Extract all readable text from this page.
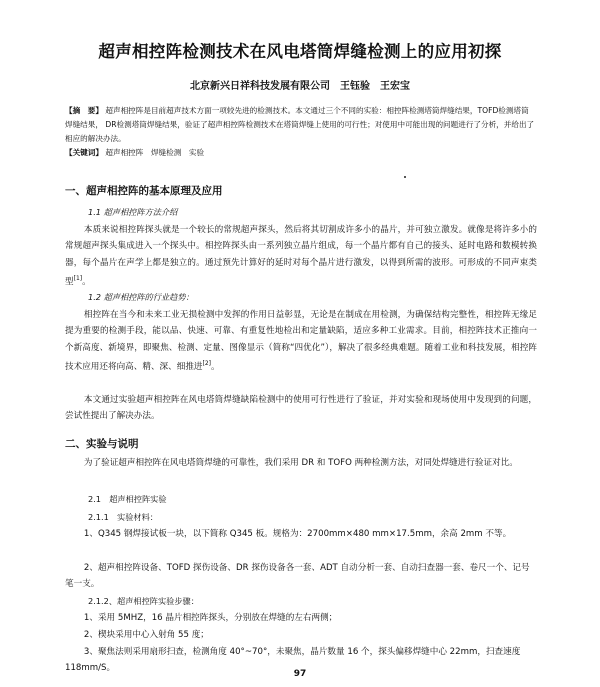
超声相控阵检测技术在风电塔筒焊缝检测上的应用初探
北京新兴日祥科技发展有限公司　王钰验　王宏宝
【摘　要】 超声相控阵是目前超声技术方面一项较先进的检测技术。本文通过三个不同的实验：相控阵检测塔筒焊缝结果，TOFD检测塔筒焊缝结果， DR检测塔筒焊缝结果，验证了超声相控阵检测技术在塔筒焊缝上使用的可行性；对使用中可能出现的问题进行了分析，并给出了相应的解决办法。
【关键词】 超声相控阵　焊缝检测　实验
一、超声相控阵的基本原理及应用
1.1 超声相控阵方法介绍
本质来说相控阵探头就是一个较长的常规超声探头，然后将其切割成许多小的晶片，并可独立激发。就像是将许多小的常规超声探头集成进入一个探头中。相控阵探头由一系列独立晶片组成，每一个晶片都有自己的接头、延时电路和数模转换器，每个晶片在声学上都是独立的。通过预先计算好的延时对每个晶片进行激发，以得到所需的波形。可形成的不同声束类型[1]。
1.2 超声相控阵的行业趋势：
相控阵在当今和未来工业无损检测中发挥的作用日益彰显，无论是在制成在用检测，为确保结构完整性，相控阵无缘足提为重要的检测手段，能以品、快速、可靠、有重复性地检出和定量缺陷，适应多种工业需求。目前，相控阵技术正推向一个新高度、新境界，即聚焦、检测、定量、图像显示（简称“四优化”），解决了很多经典难题。随着工业和科技发展，相控阵技术应用还将向高、精、深、细推进[2]。
本文通过实验超声相控阵在风电塔筒焊缝缺陷检测中的使用可行性进行了验证，并对实验和现场使用中发现到的问题，尝试性提出了解决办法。
二、实验与说明
为了验证超声相控阵在风电塔筒焊缝的可靠性，我们采用 DR 和 TOFO 两种检测方法，对同处焊缝进行验证对比。
2.1　超声相控阵实验
2.1.1　实验材料：
1、Q345 钢焊接试板一块，以下简称 Q345 板。规格为：2700mm×480 mm×17.5mm，余高 2mm 不等。
2、超声相控阵设备、TOFD 探伤设备、DR 探伤设备各一套、ADT 自动分析一套、自动扫查器一套、卷尺一个、记号笔一支。
2.1.2、超声相控阵实验步骤：
1、采用 5MHZ，16 晶片相控阵探头，分别放在焊缝的左右两侧；
2、楔块采用中心入射角 55 度；
3、聚焦法则采用扇形扫查，检测角度 40°~70°，未聚焦，晶片数量 16 个，探头偏移焊缝中心 22mm，扫查速度 118mm/S。
97
